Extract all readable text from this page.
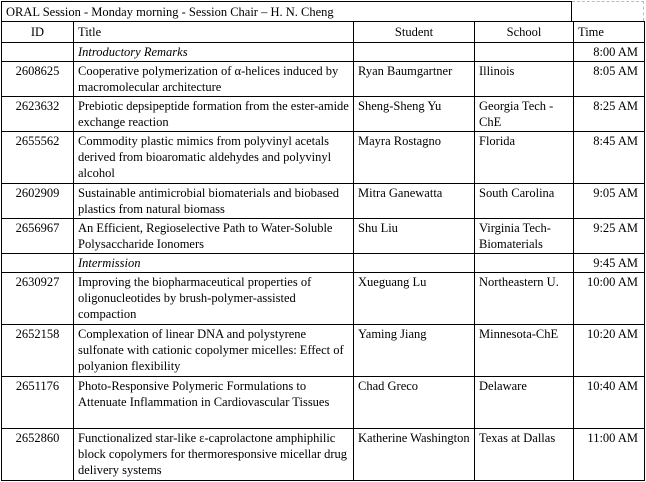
ORAL Session - Monday morning - Session Chair – H. N. Cheng
ID	Title	Student	School	Time
	Introductory Remarks			8:00 AM
2608625	Cooperative polymerization of α-helices induced by macromolecular architecture	Ryan Baumgartner	Illinois	8:05 AM
2623632	Prebiotic depsipeptide formation from the ester-amide exchange reaction	Sheng-Sheng Yu	Georgia Tech - ChE	8:25 AM
2655562	Commodity plastic mimics from polyvinyl acetals derived from bioaromatic aldehydes and polyvinyl alcohol	Mayra Rostagno	Florida	8:45 AM
2602909	Sustainable antimicrobial biomaterials and biobased plastics from natural biomass	Mitra Ganewatta	South Carolina	9:05 AM
2656967	An Efficient, Regioselective Path to Water-Soluble Polysaccharide Ionomers	Shu Liu	Virginia Tech-Biomaterials	9:25 AM
	Intermission			9:45 AM
2630927	Improving the biopharmaceutical properties of oligonucleotides by brush-polymer-assisted compaction	Xueguang Lu	Northeastern U.	10:00 AM
2652158	Complexation of linear DNA and polystyrene sulfonate with cationic copolymer micelles: Effect of polyanion flexibility	Yaming Jiang	Minnesota-ChE	10:20 AM
2651176	Photo-Responsive Polymeric Formulations to Attenuate Inflammation in Cardiovascular Tissues	Chad Greco	Delaware	10:40 AM
2652860	Functionalized star-like ε-caprolactone amphiphilic block copolymers for thermoresponsive micellar drug delivery systems	Katherine Washington	Texas at Dallas	11:00 AM
